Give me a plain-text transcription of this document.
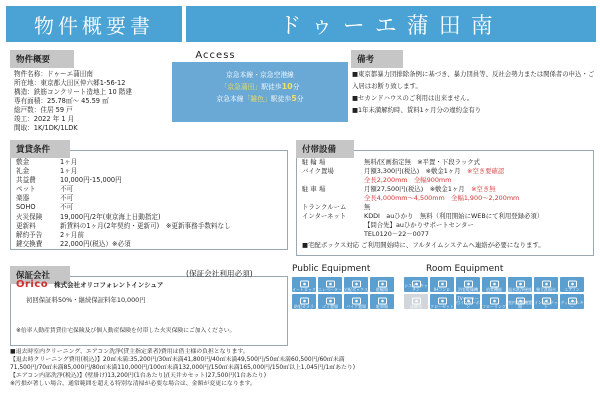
物件概要書	ドゥーエ蒲田南
物件概要
物件名称：ドゥーエ蒲田南
所在地：東京都大田区仲六郷1-56-12
構造：鉄筋コンクリート造地上 10 階建
専有面積：25.78㎡～ 45.59 ㎡
総戸数：住居 59 戸
竣工：2022 年 1 月
間取：1K/1DK/1LDK
Access
京急本線・京急空港線
「京急蒲田」駅徒歩10分
京急本線「雑色」駅徒歩5分
備考
■東京都暴力団排除条例に基づき、暴力団員等、反社会勢力または関係者の申込・ご入居はお断り致します。
■セカンドハウスのご利用は出来ません。
■1年未満解約時、賃料1ヶ月分の違約金有り
賃貸条件
敷金	1ヶ月
礼金	1ヶ月
共益費	10,000円-15,000円
ペット	不可
楽器	不可
SOHO	不可
火災保険	19,000円/2年(東京海上日動指定)
更新料	新賃料の1ヶ月(2年契約・更新可)　※更新事務手数料なし
解約予告	2ヶ月前
鍵交換費	22,000円(税込）※必須
付帯設備
駐 輪 場	無料/区画指定無　※平置・下段ラック式
バイク置場	月額3,300円(税込)　※敷金1ヶ月　 ※空き要確認
全長2,200mm　全幅900mm
駐 車 場	月額27,500円(税込)　※敷金1ヶ月　 ※空き無
全長4,000mm～4,500mm　全幅1,900～2,200mm
トランクルーム	無
インターネット	KDDI　auひかり　無料（利用開始にWEBにて利用登録必須）
【問合先】auひかりサポートセンター
TEL0120－22－0077
■宅配ボックス対応 ご利用開始時に、フルタイムシステムへ連絡が必要になります。
保証会社	(保証会社利用必須)
Orico 株式会社オリコフォレントインシュア
初回保証料50%・継続保証料年10,000円
※倍率人動産賃貸住宅保険及び個人動産保険を付帯した火災保険にご加入ください。
Public Equipment
オートロック エレベーター 宅配ボックス	駐輪場
防犯カメラ	ゴミ置場	バイク置場	駐車場
Room Equipment
システムキッチン	IHコンロ	浴室乾燥機	追焚機能	温水洗浄便座	独立洗面台	エアコン
床暖房	クローゼット
TVモニター付インターホン	フローリング
室内洗濯機置場
インターネット
ディンプルキー
■退去時室内クリーニング、エアコン洗浄(貸主指定業者)費用は借主様の負担となります。
【退去時クリーニング費用(税込)】20㎡未満:35,200円/30㎡未満41,800円/40㎡未満49,500円/50㎡未満60,500円/60㎡未満
71,500円/70㎡未満85,000円/80㎡未満110,000円/100㎡未満132,000円/150㎡未満165,000円/150㎡以上1,045円/1㎡あたり)
【エアコン内部洗浄(税込)】(壁掛け)13,200円(1台あたり)/(天井カセット)27,500円(1台あたり)
※汚損が著しい場合、通常範囲を超える特別な清掃が必要な場合は、金額が変更になります。
